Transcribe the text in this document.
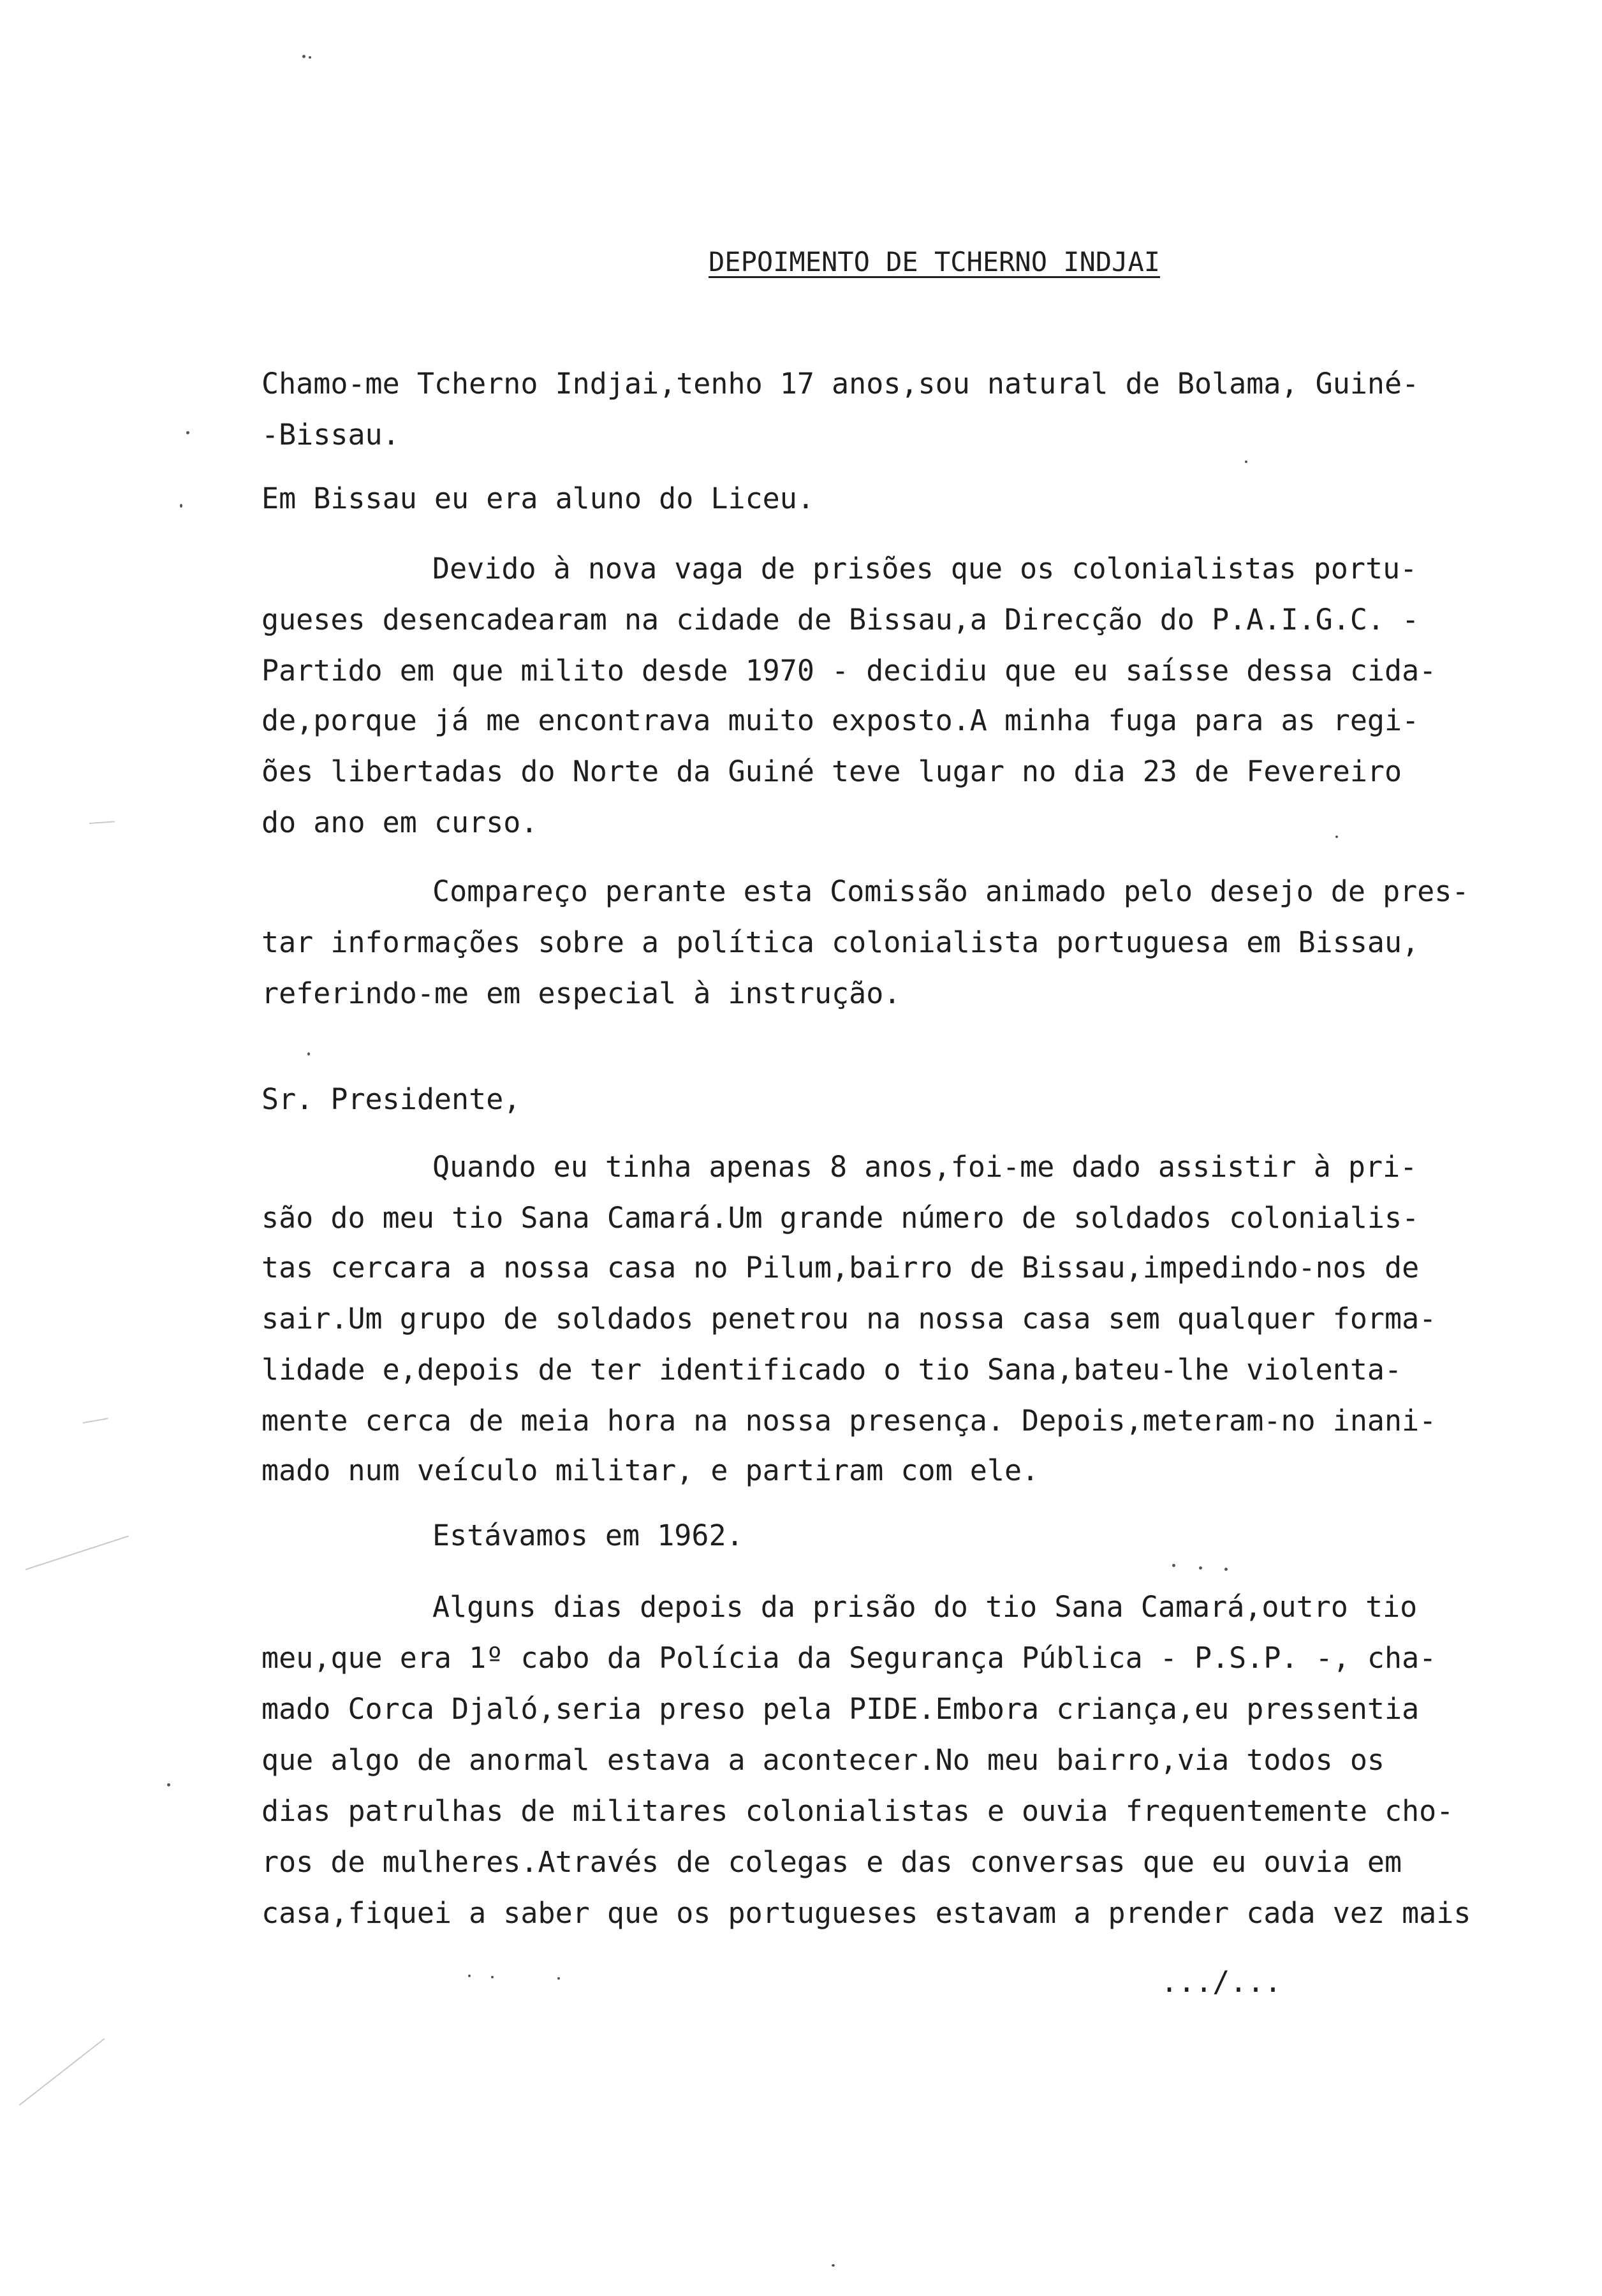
DEPOIMENTO DE TCHERNO INDJAI
Chamo-me Tcherno Indjai,tenho 17 anos,sou natural de Bolama, Guiné-
-Bissau.
Em Bissau eu era aluno do Liceu.
Devido à nova vaga de prisões que os colonialistas portu-
gueses desencadearam na cidade de Bissau,a Direcção do P.A.I.G.C. -
Partido em que milito desde 1970 - decidiu que eu saísse dessa cida-
de,porque já me encontrava muito exposto.A minha fuga para as regi-
ões libertadas do Norte da Guiné teve lugar no dia 23 de Fevereiro
do ano em curso.
Compareço perante esta Comissão animado pelo desejo de pres-
tar informações sobre a política colonialista portuguesa em Bissau,
referindo-me em especial à instrução.
Sr. Presidente,
Quando eu tinha apenas 8 anos,foi-me dado assistir à pri-
são do meu tio Sana Camará.Um grande número de soldados colonialis-
tas cercara a nossa casa no Pilum,bairro de Bissau,impedindo-nos de
sair.Um grupo de soldados penetrou na nossa casa sem qualquer forma-
lidade e,depois de ter identificado o tio Sana,bateu-lhe violenta-
mente cerca de meia hora na nossa presença. Depois,meteram-no inani-
mado num veículo militar, e partiram com ele.
Estávamos em 1962.
Alguns dias depois da prisão do tio Sana Camará,outro tio
meu,que era 1º cabo da Polícia da Segurança Pública - P.S.P. -, cha-
mado Corca Djaló,seria preso pela PIDE.Embora criança,eu pressentia
que algo de anormal estava a acontecer.No meu bairro,via todos os
dias patrulhas de militares colonialistas e ouvia frequentemente cho-
ros de mulheres.Através de colegas e das conversas que eu ouvia em
casa,fiquei a saber que os portugueses estavam a prender cada vez mais
.../...
